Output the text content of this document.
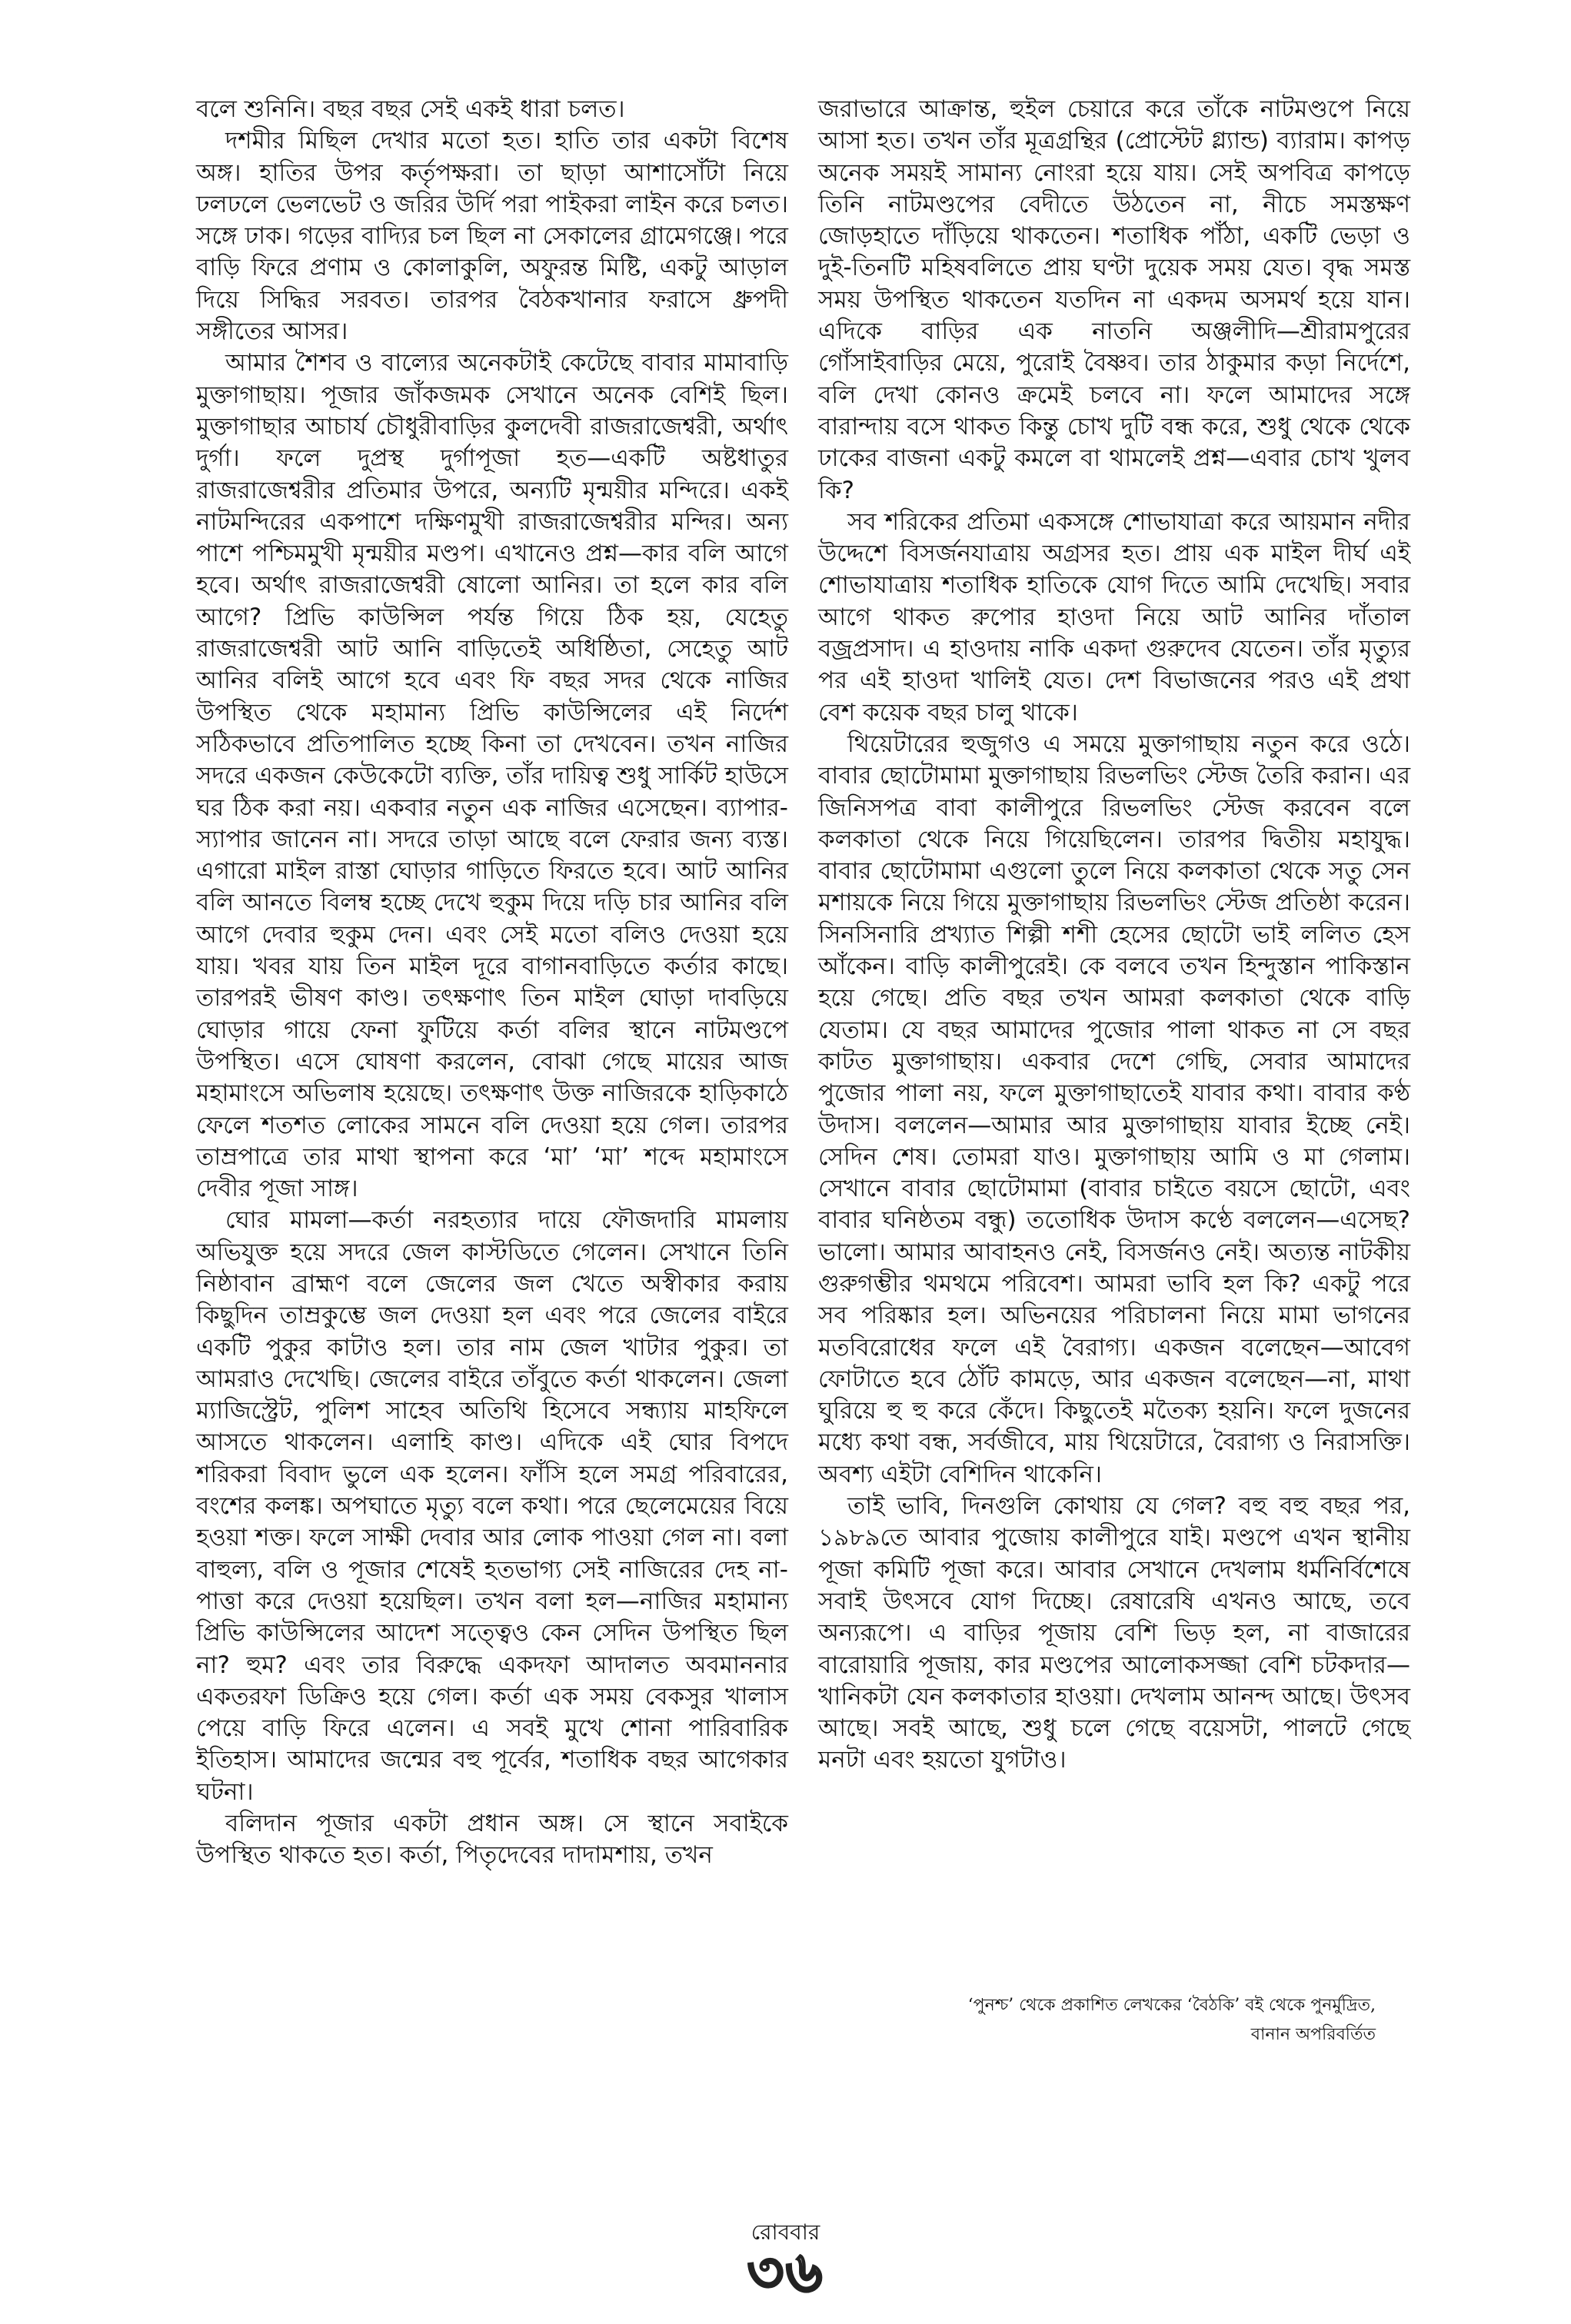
বলে শুনিনি। বছর বছর সেই একই ধারা চলত।

দশমীর মিছিল দেখার মতো হত। হাতি তার একটা বিশেষ অঙ্গ। হাতির উপর কর্তৃপক্ষরা। তা ছাড়া আশাসোঁটা নিয়ে ঢলঢলে ভেলভেট ও জরির উর্দি পরা পাইকরা লাইন করে চলত। সঙ্গে ঢাক। গড়ের বাদ্যির চল ছিল না সেকালের গ্রামেগঞ্জে। পরে বাড়ি ফিরে প্রণাম ও কোলাকুলি, অফুরন্ত মিষ্টি, একটু আড়াল দিয়ে সিদ্ধির সরবত। তারপর বৈঠকখানার ফরাসে ধ্রুপদী সঙ্গীতের আসর।

আমার শৈশব ও বাল্যের অনেকটাই কেটেছে বাবার মামাবাড়ি মুক্তাগাছায়। পূজার জাঁকজমক সেখানে অনেক বেশিই ছিল। মুক্তাগাছার আচার্য চৌধুরীবাড়ির কুলদেবী রাজরাজেশ্বরী, অর্থাৎ দুর্গা। ফলে দুপ্রস্থ দুর্গাপূজা হত—একটি অষ্টধাতুর রাজরাজেশ্বরীর প্রতিমার উপরে, অন্যটি মৃন্ময়ীর মন্দিরে। একই নাটমন্দিরের একপাশে দক্ষিণমুখী রাজরাজেশ্বরীর মন্দির। অন্য পাশে পশ্চিমমুখী মৃন্ময়ীর মণ্ডপ। এখানেও প্রশ্ন—কার বলি আগে হবে। অর্থাৎ রাজরাজেশ্বরী ষোলো আনির। তা হলে কার বলি আগে? প্রিভি কাউন্সিল পর্যন্ত গিয়ে ঠিক হয়, যেহেতু রাজরাজেশ্বরী আট আনি বাড়িতেই অধিষ্ঠিতা, সেহেতু আট আনির বলিই আগে হবে এবং ফি বছর সদর থেকে নাজির উপস্থিত থেকে মহামান্য প্রিভি কাউন্সিলের এই নির্দেশ সঠিকভাবে প্রতিপালিত হচ্ছে কিনা তা দেখবেন। তখন নাজির সদরে একজন কেউকেটো ব্যক্তি, তাঁর দায়িত্ব শুধু সার্কিট হাউসে ঘর ঠিক করা নয়। একবার নতুন এক নাজির এসেছেন। ব্যাপার-স্যাপার জানেন না। সদরে তাড়া আছে বলে ফেরার জন্য ব্যস্ত। এগারো মাইল রাস্তা ঘোড়ার গাড়িতে ফিরতে হবে। আট আনির বলি আনতে বিলম্ব হচ্ছে দেখে হুকুম দিয়ে দড়ি চার আনির বলি আগে দেবার হুকুম দেন। এবং সেই মতো বলিও দেওয়া হয়ে যায়। খবর যায় তিন মাইল দূরে বাগানবাড়িতে কর্তার কাছে। তারপরই ভীষণ কাণ্ড। তৎক্ষণাৎ তিন মাইল ঘোড়া দাবড়িয়ে ঘোড়ার গায়ে ফেনা ফুটিয়ে কর্তা বলির স্থানে নাটমণ্ডপে উপস্থিত। এসে ঘোষণা করলেন, বোঝা গেছে মায়ের আজ মহামাংসে অভিলাষ হয়েছে। তৎক্ষণাৎ উক্ত নাজিরকে হাড়িকাঠে ফেলে শতশত লোকের সামনে বলি দেওয়া হয়ে গেল। তারপর তাম্রপাত্রে তার মাথা স্থাপনা করে ‘মা’ ‘মা’ শব্দে মহামাংসে দেবীর পূজা সাঙ্গ।

ঘোর মামলা—কর্তা নরহত্যার দায়ে ফৌজদারি মামলায় অভিযুক্ত হয়ে সদরে জেল কাস্টডিতে গেলেন। সেখানে তিনি নিষ্ঠাবান ব্রাহ্মণ বলে জেলের জল খেতে অস্বীকার করায় কিছুদিন তাম্রকুম্ভে জল দেওয়া হল এবং পরে জেলের বাইরে একটি পুকুর কাটাও হল। তার নাম জেল খাটার পুকুর। তা আমরাও দেখেছি। জেলের বাইরে তাঁবুতে কর্তা থাকলেন। জেলা ম্যাজিস্ট্রেট, পুলিশ সাহেব অতিথি হিসেবে সন্ধ্যায় মাহফিলে আসতে থাকলেন। এলাহি কাণ্ড। এদিকে এই ঘোর বিপদে শরিকরা বিবাদ ভুলে এক হলেন। ফাঁসি হলে সমগ্র পরিবারের, বংশের কলঙ্ক। অপঘাতে মৃত্যু বলে কথা। পরে ছেলেমেয়ের বিয়ে হওয়া শক্ত। ফলে সাক্ষী দেবার আর লোক পাওয়া গেল না। বলা বাহুল্য, বলি ও পূজার শেষেই হতভাগ্য সেই নাজিরের দেহ না-পাত্তা করে দেওয়া হয়েছিল। তখন বলা হল—নাজির মহামান্য প্রিভি কাউন্সিলের আদেশ সত্ত্বেও কেন সেদিন উপস্থিত ছিল না? হুম? এবং তার বিরুদ্ধে একদফা আদালত অবমাননার একতরফা ডিক্রিও হয়ে গেল। কর্তা এক সময় বেকসুর খালাস পেয়ে বাড়ি ফিরে এলেন। এ সবই মুখে শোনা পারিবারিক ইতিহাস। আমাদের জন্মের বহু পূর্বের, শতাধিক বছর আগেকার ঘটনা।

বলিদান পূজার একটা প্রধান অঙ্গ। সে স্থানে সবাইকে উপস্থিত থাকতে হত। কর্তা, পিতৃদেবের দাদামশায়, তখন

জরাভারে আক্রান্ত, হুইল চেয়ারে করে তাঁকে নাটমণ্ডপে নিয়ে আসা হত। তখন তাঁর মূত্রগ্রন্থির (প্রোস্টেট গ্ল্যান্ড) ব্যারাম। কাপড় অনেক সময়ই সামান্য নোংরা হয়ে যায়। সেই অপবিত্র কাপড়ে তিনি নাটমণ্ডপের বেদীতে উঠতেন না, নীচে সমস্তক্ষণ জোড়হাতে দাঁড়িয়ে থাকতেন। শতাধিক পাঁঠা, একটি ভেড়া ও দুই-তিনটি মহিষবলিতে প্রায় ঘণ্টা দুয়েক সময় যেত। বৃদ্ধ সমস্ত সময় উপস্থিত থাকতেন যতদিন না একদম অসমর্থ হয়ে যান। এদিকে বাড়ির এক নাতনি অঞ্জলীদি—শ্রীরামপুরের গোঁসাইবাড়ির মেয়ে, পুরোই বৈষ্ণব। তার ঠাকুমার কড়া নির্দেশে, বলি দেখা কোনও ক্রমেই চলবে না। ফলে আমাদের সঙ্গে বারান্দায় বসে থাকত কিন্তু চোখ দুটি বন্ধ করে, শুধু থেকে থেকে ঢাকের বাজনা একটু কমলে বা থামলেই প্রশ্ন—এবার চোখ খুলব কি?

সব শরিকের প্রতিমা একসঙ্গে শোভাযাত্রা করে আয়মান নদীর উদ্দেশে বিসর্জনযাত্রায় অগ্রসর হত। প্রায় এক মাইল দীর্ঘ এই শোভাযাত্রায় শতাধিক হাতিকে যোগ দিতে আমি দেখেছি। সবার আগে থাকত রুপোর হাওদা নিয়ে আট আনির দাঁতাল বজ্রপ্রসাদ। এ হাওদায় নাকি একদা গুরুদেব যেতেন। তাঁর মৃত্যুর পর এই হাওদা খালিই যেত। দেশ বিভাজনের পরও এই প্রথা বেশ কয়েক বছর চালু থাকে।

থিয়েটারের হুজুগও এ সময়ে মুক্তাগাছায় নতুন করে ওঠে। বাবার ছোটোমামা মুক্তাগাছায় রিভলভিং স্টেজ তৈরি করান। এর জিনিসপত্র বাবা কালীপুরে রিভলভিং স্টেজ করবেন বলে কলকাতা থেকে নিয়ে গিয়েছিলেন। তারপর দ্বিতীয় মহাযুদ্ধ। বাবার ছোটোমামা এগুলো তুলে নিয়ে কলকাতা থেকে সতু সেন মশায়কে নিয়ে গিয়ে মুক্তাগাছায় রিভলভিং স্টেজ প্রতিষ্ঠা করেন। সিনসিনারি প্রখ্যাত শিল্পী শশী হেসের ছোটো ভাই ললিত হেস আঁকেন। বাড়ি কালীপুরেই। কে বলবে তখন হিন্দুস্তান পাকিস্তান হয়ে গেছে। প্রতি বছর তখন আমরা কলকাতা থেকে বাড়ি যেতাম। যে বছর আমাদের পুজোর পালা থাকত না সে বছর কাটত মুক্তাগাছায়। একবার দেশে গেছি, সেবার আমাদের পুজোর পালা নয়, ফলে মুক্তাগাছাতেই যাবার কথা। বাবার কণ্ঠ উদাস। বললেন—আমার আর মুক্তাগাছায় যাবার ইচ্ছে নেই। সেদিন শেষ। তোমরা যাও। মুক্তাগাছায় আমি ও মা গেলাম। সেখানে বাবার ছোটোমামা (বাবার চাইতে বয়সে ছোটো, এবং বাবার ঘনিষ্ঠতম বন্ধু) ততোধিক উদাস কণ্ঠে বললেন—এসেছ? ভালো। আমার আবাহনও নেই, বিসর্জনও নেই। অত্যন্ত নাটকীয় গুরুগম্ভীর থমথমে পরিবেশ। আমরা ভাবি হল কি? একটু পরে সব পরিষ্কার হল। অভিনয়ের পরিচালনা নিয়ে মামা ভাগনের মতবিরোধের ফলে এই বৈরাগ্য। একজন বলেছেন—আবেগ ফোটাতে হবে ঠোঁট কামড়ে, আর একজন বলেছেন—না, মাথা ঘুরিয়ে হু হু করে কেঁদে। কিছুতেই মতৈক্য হয়নি। ফলে দুজনের মধ্যে কথা বন্ধ, সর্বজীবে, মায় থিয়েটারে, বৈরাগ্য ও নিরাসক্তি। অবশ্য এইটা বেশিদিন থাকেনি।

তাই ভাবি, দিনগুলি কোথায় যে গেল? বহু বহু বছর পর, ১৯৮৯তে আবার পুজোয় কালীপুরে যাই। মণ্ডপে এখন স্থানীয় পূজা কমিটি পূজা করে। আবার সেখানে দেখলাম ধর্মনির্বিশেষে সবাই উৎসবে যোগ দিচ্ছে। রেষারেষি এখনও আছে, তবে অন্যরূপে। এ বাড়ির পূজায় বেশি ভিড় হল, না বাজারের বারোয়ারি পূজায়, কার মণ্ডপের আলোকসজ্জা বেশি চটকদার—খানিকটা যেন কলকাতার হাওয়া। দেখলাম আনন্দ আছে। উৎসব আছে। সবই আছে, শুধু চলে গেছে বয়েসটা, পালটে গেছে মনটা এবং হয়তো যুগটাও।

‘পুনশ্চ’ থেকে প্রকাশিত লেখকের ‘বৈঠকি’ বই থেকে পুনর্মুদ্রিত,

বানান অপরিবর্তিত

রোববার
৩৬
